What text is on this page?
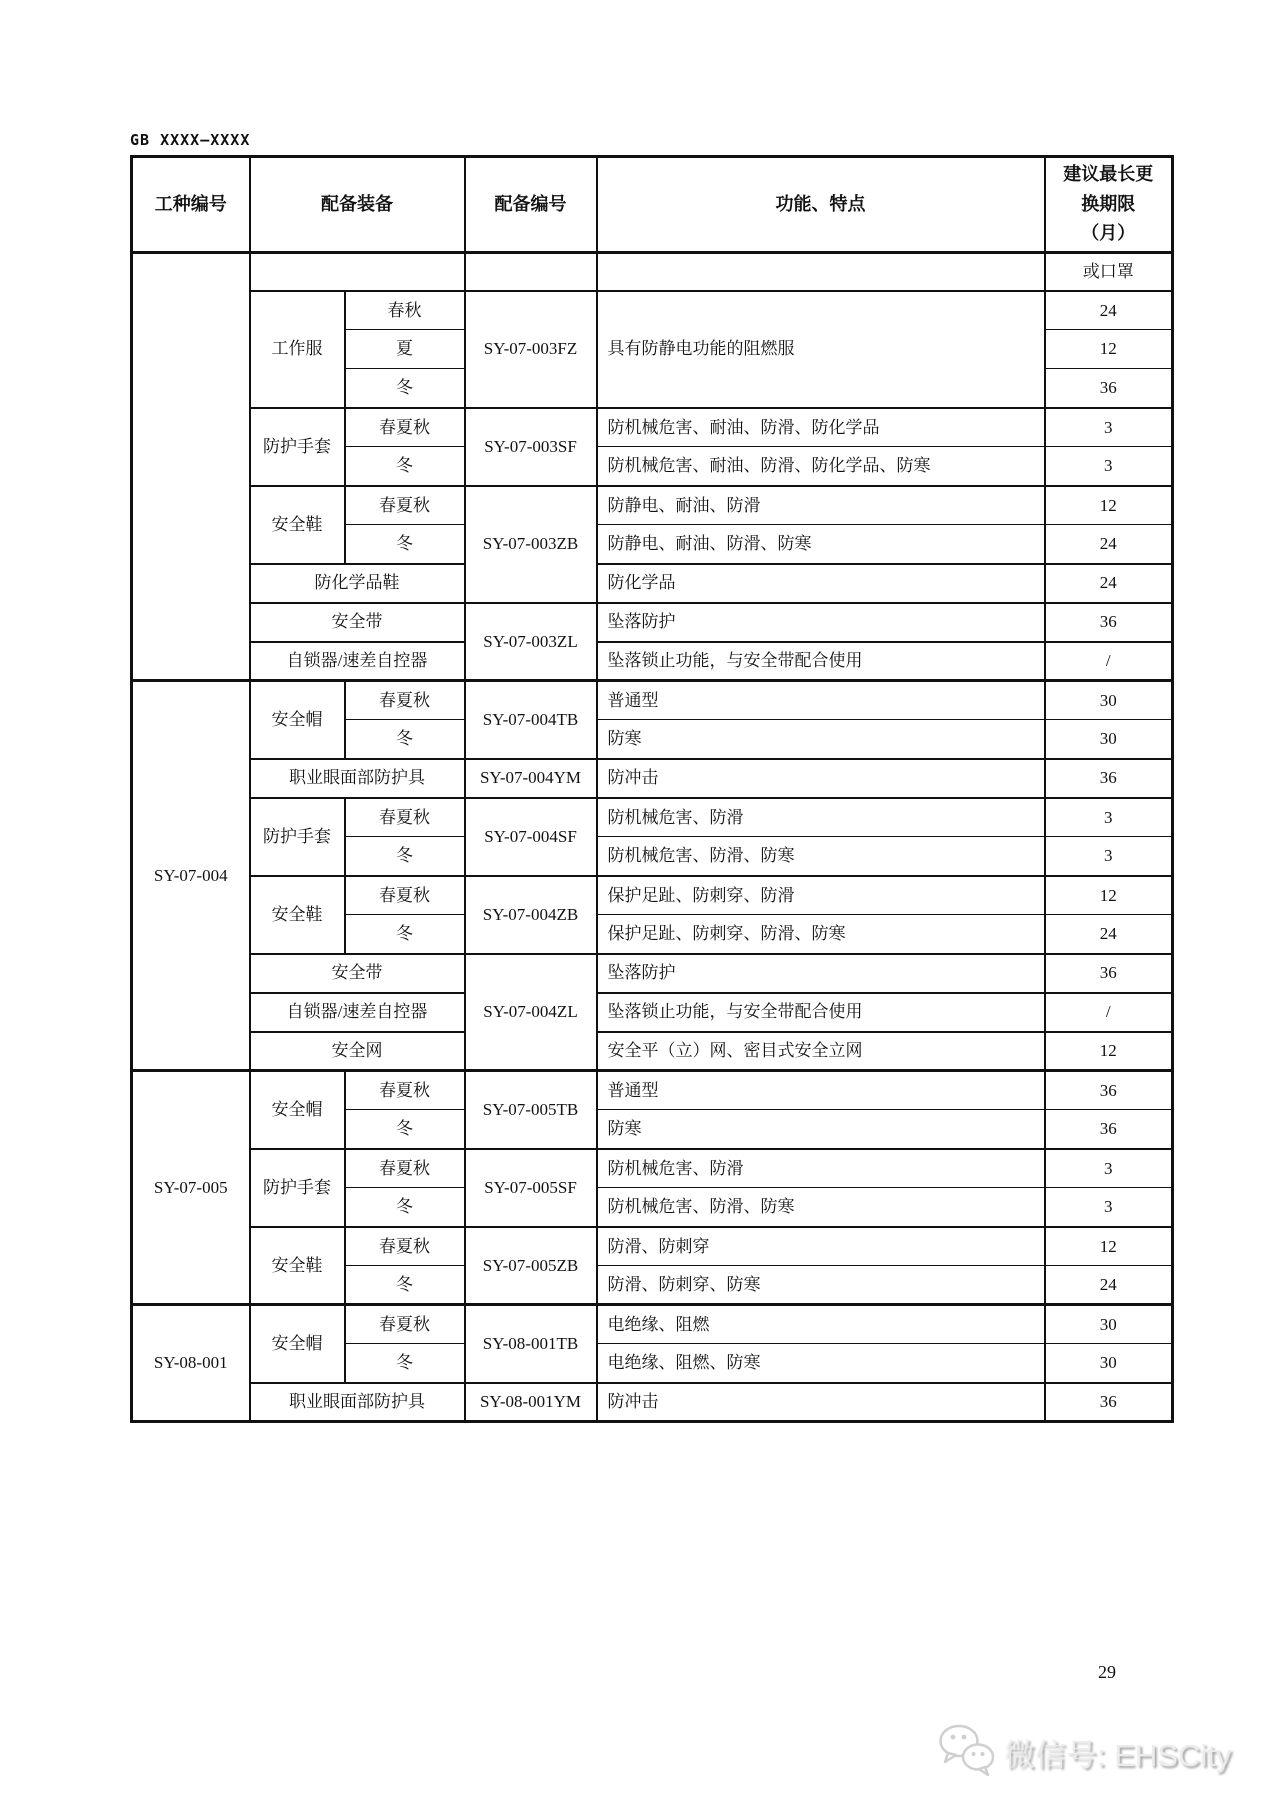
GB XXXX—XXXX
工种编号	配备装备		配备编号	功能、特点	建议最长更换期限（月）
					或口罩
	工作服	春秋	SY-07-003FZ	具有防静电功能的阻燃服	24
		夏			12
		冬			36
	防护手套	春夏秋	SY-07-003SF	防机械危害、耐油、防滑、防化学品	3
		冬		防机械危害、耐油、防滑、防化学品、防寒	3
	安全鞋	春夏秋	SY-07-003ZB	防静电、耐油、防滑	12
		冬		防静电、耐油、防滑、防寒	24
	防化学品鞋			防化学品	24
	安全带		SY-07-003ZL	坠落防护	36
	自锁器/速差自控器			坠落锁止功能，与安全带配合使用	/
SY-07-004	安全帽	春夏秋	SY-07-004TB	普通型	30
		冬		防寒	30
	职业眼面部防护具		SY-07-004YM	防冲击	36
	防护手套	春夏秋	SY-07-004SF	防机械危害、防滑	3
		冬		防机械危害、防滑、防寒	3
	安全鞋	春夏秋	SY-07-004ZB	保护足趾、防刺穿、防滑	12
		冬		保护足趾、防刺穿、防滑、防寒	24
	安全带		SY-07-004ZL	坠落防护	36
	自锁器/速差自控器			坠落锁止功能，与安全带配合使用	/
	安全网			安全平（立）网、密目式安全立网	12
SY-07-005	安全帽	春夏秋	SY-07-005TB	普通型	36
		冬		防寒	36
	防护手套	春夏秋	SY-07-005SF	防机械危害、防滑	3
		冬		防机械危害、防滑、防寒	3
	安全鞋	春夏秋	SY-07-005ZB	防滑、防刺穿	12
		冬		防滑、防刺穿、防寒	24
SY-08-001	安全帽	春夏秋	SY-08-001TB	电绝缘、阻燃	30
		冬		电绝缘、阻燃、防寒	30
	职业眼面部防护具		SY-08-001YM	防冲击	36
29
微信号: EHSCity
